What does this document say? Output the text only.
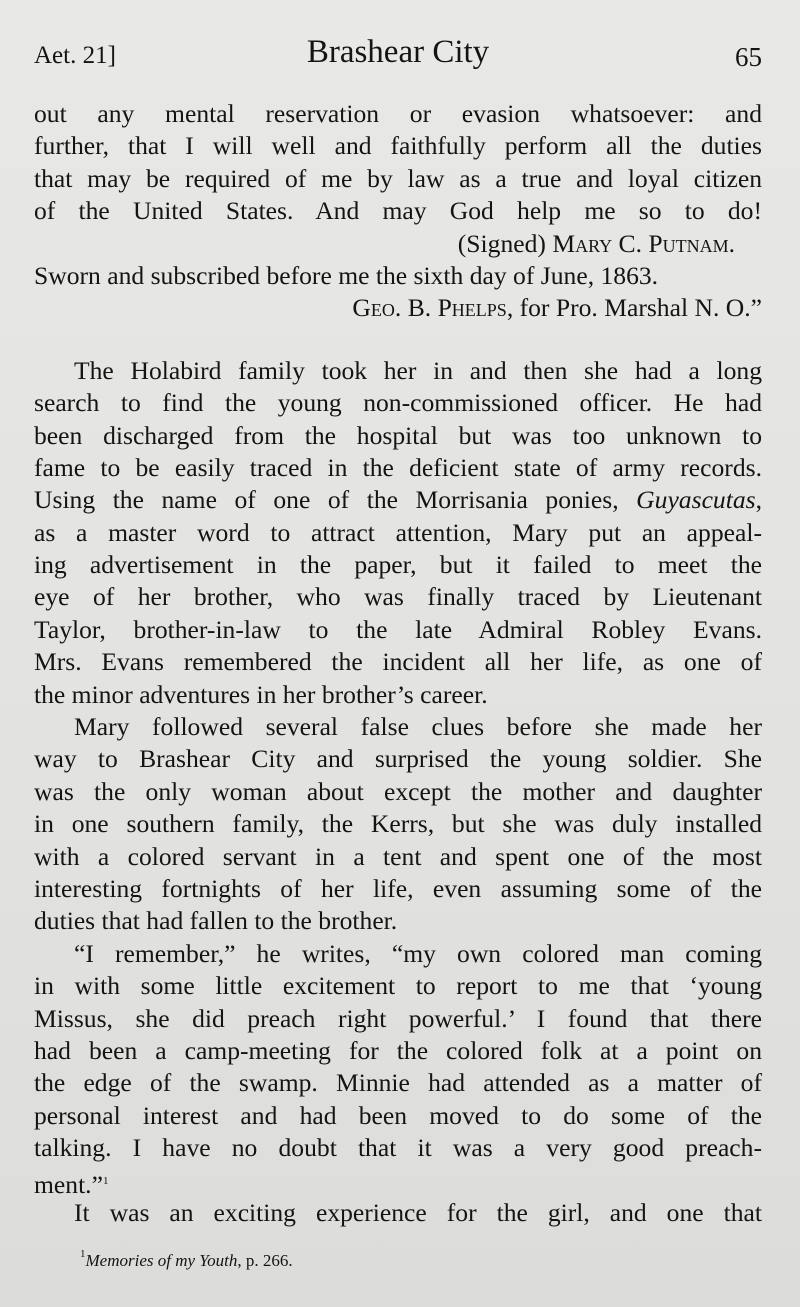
Aet. 21]	Brashear City	65
out any mental reservation or evasion whatsoever: and
further, that I will well and faithfully perform all the duties
that may be required of me by law as a true and loyal citizen
of the United States. And may God help me so to do!
(Signed) Mary C. Putnam.
Sworn and subscribed before me the sixth day of June, 1863.
Geo. B. Phelps, for Pro. Marshal N. O.”
The Holabird family took her in and then she had a long
search to find the young non-commissioned officer. He had
been discharged from the hospital but was too unknown to
fame to be easily traced in the deficient state of army records.
Using the name of one of the Morrisania ponies, Guyascutas,
as a master word to attract attention, Mary put an appeal-
ing advertisement in the paper, but it failed to meet the
eye of her brother, who was finally traced by Lieutenant
Taylor, brother-in-law to the late Admiral Robley Evans.
Mrs. Evans remembered the incident all her life, as one of
the minor adventures in her brother’s career.
Mary followed several false clues before she made her
way to Brashear City and surprised the young soldier. She
was the only woman about except the mother and daughter
in one southern family, the Kerrs, but she was duly installed
with a colored servant in a tent and spent one of the most
interesting fortnights of her life, even assuming some of the
duties that had fallen to the brother.
“I remember,” he writes, “my own colored man coming
in with some little excitement to report to me that ‘young
Missus, she did preach right powerful.’ I found that there
had been a camp-meeting for the colored folk at a point on
the edge of the swamp. Minnie had attended as a matter of
personal interest and had been moved to do some of the
talking. I have no doubt that it was a very good preach-
ment.”$^1$
It was an exciting experience for the girl, and one that
$^1$Memories of my Youth, p. 266.
